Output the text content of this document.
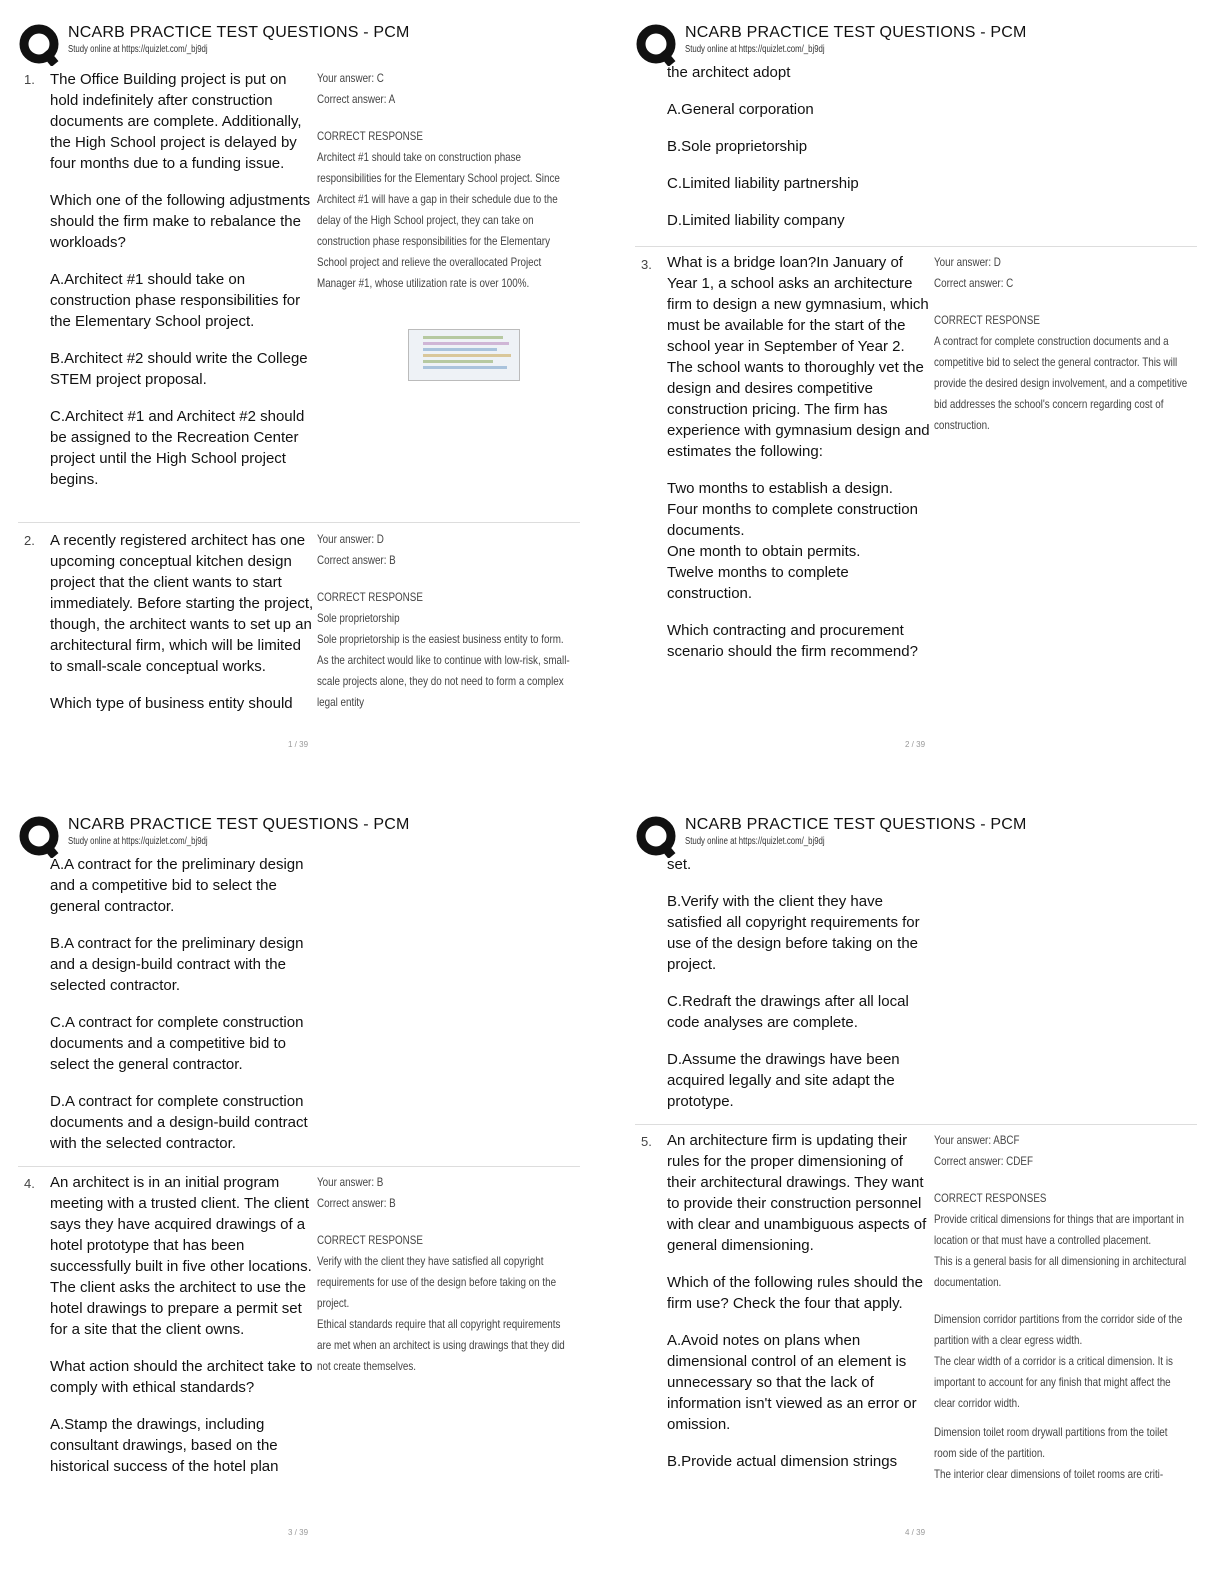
NCARB PRACTICE TEST QUESTIONS - PCM
Study online at https://quizlet.com/_bj9dj
1. The Office Building project is put on hold indefinitely after construction documents are complete. Additionally, the High School project is delayed by four months due to a funding issue.

Which one of the following adjustments should the firm make to rebalance the workloads?

A.Architect #1 should take on construction phase responsibilities for the Elementary School project.

B.Architect #2 should write the College STEM project proposal.

C.Architect #1 and Architect #2 should be assigned to the Recreation Center project until the High School project begins.

Your answer: C

Correct answer: A

CORRECT RESPONSE

Architect #1 should take on construction phase responsibilities for the Elementary School project. Since Architect #1 will have a gap in their schedule due to the delay of the High School project, they can take on construction phase responsibilities for the Elementary School project and relieve the overallocated Project Manager #1, whose utilization rate is over 100%.

2. A recently registered architect has one upcoming conceptual kitchen design project that the client wants to start immediately. Before starting the project, though, the architect wants to set up an architectural firm, which will be limited to small-scale conceptual works.

Which type of business entity should

Your answer: D

Correct answer: B

CORRECT RESPONSE

Sole proprietorship

Sole proprietorship is the easiest business entity to form. As the architect would like to continue with low-risk, small-scale projects alone, they do not need to form a complex legal entity

1 / 39
NCARB PRACTICE TEST QUESTIONS - PCM
Study online at https://quizlet.com/_bj9dj

the architect adopt

A.General corporation

B.Sole proprietorship

C.Limited liability partnership

D.Limited liability company

3. What is a bridge loan?In January of Year 1, a school asks an architecture firm to design a new gymnasium, which must be available for the start of the school year in September of Year 2. The school wants to thoroughly vet the design and desires competitive construction pricing. The firm has experience with gymnasium design and estimates the following:

Two months to establish a design.

Four months to complete construction documents.

One month to obtain permits.

Twelve months to complete construction.

Which contracting and procurement scenario should the firm recommend?

Your answer: D

Correct answer: C

CORRECT RESPONSE

A contract for complete construction documents and a competitive bid to select the general contractor. This will provide the desired design involvement, and a competitive bid addresses the school's concern regarding cost of construction.

2 / 39
NCARB PRACTICE TEST QUESTIONS - PCM
Study online at https://quizlet.com/_bj9dj

A.A contract for the preliminary design and a competitive bid to select the general contractor.

B.A contract for the preliminary design and a design-build contract with the selected contractor.

C.A contract for complete construction documents and a competitive bid to select the general contractor.

D.A contract for complete construction documents and a design-build contract with the selected contractor.

4. An architect is in an initial program meeting with a trusted client. The client says they have acquired drawings of a hotel prototype that has been successfully built in five other locations. The client asks the architect to use the hotel drawings to prepare a permit set for a site that the client owns.

What action should the architect take to comply with ethical standards?

A.Stamp the drawings, including consultant drawings, based on the historical success of the hotel plan

Your answer: B

Correct answer: B

CORRECT RESPONSE

Verify with the client they have satisfied all copyright requirements for use of the design before taking on the project.

Ethical standards require that all copyright requirements are met when an architect is using drawings that they did not create themselves.

3 / 39
NCARB PRACTICE TEST QUESTIONS - PCM
Study online at https://quizlet.com/_bj9dj

set.

B.Verify with the client they have satisfied all copyright requirements for use of the design before taking on the project.

C.Redraft the drawings after all local code analyses are complete.

D.Assume the drawings have been acquired legally and site adapt the prototype.

5. An architecture firm is updating their rules for the proper dimensioning of their architectural drawings. They want to provide their construction personnel with clear and unambiguous aspects of general dimensioning.

Which of the following rules should the firm use? Check the four that apply.

A.Avoid notes on plans when dimensional control of an element is unnecessary so that the lack of information isn't viewed as an error or omission.

B.Provide actual dimension strings

Your answer: ABCF

Correct answer: CDEF

CORRECT RESPONSES

Provide critical dimensions for things that are important in location or that must have a controlled placement.

This is a general basis for all dimensioning in architectural documentation.

Dimension corridor partitions from the corridor side of the partition with a clear egress width.

The clear width of a corridor is a critical dimension. It is important to account for any finish that might affect the clear corridor width.

Dimension toilet room drywall partitions from the toilet room side of the partition.

The interior clear dimensions of toilet rooms are criti-

4 / 39
